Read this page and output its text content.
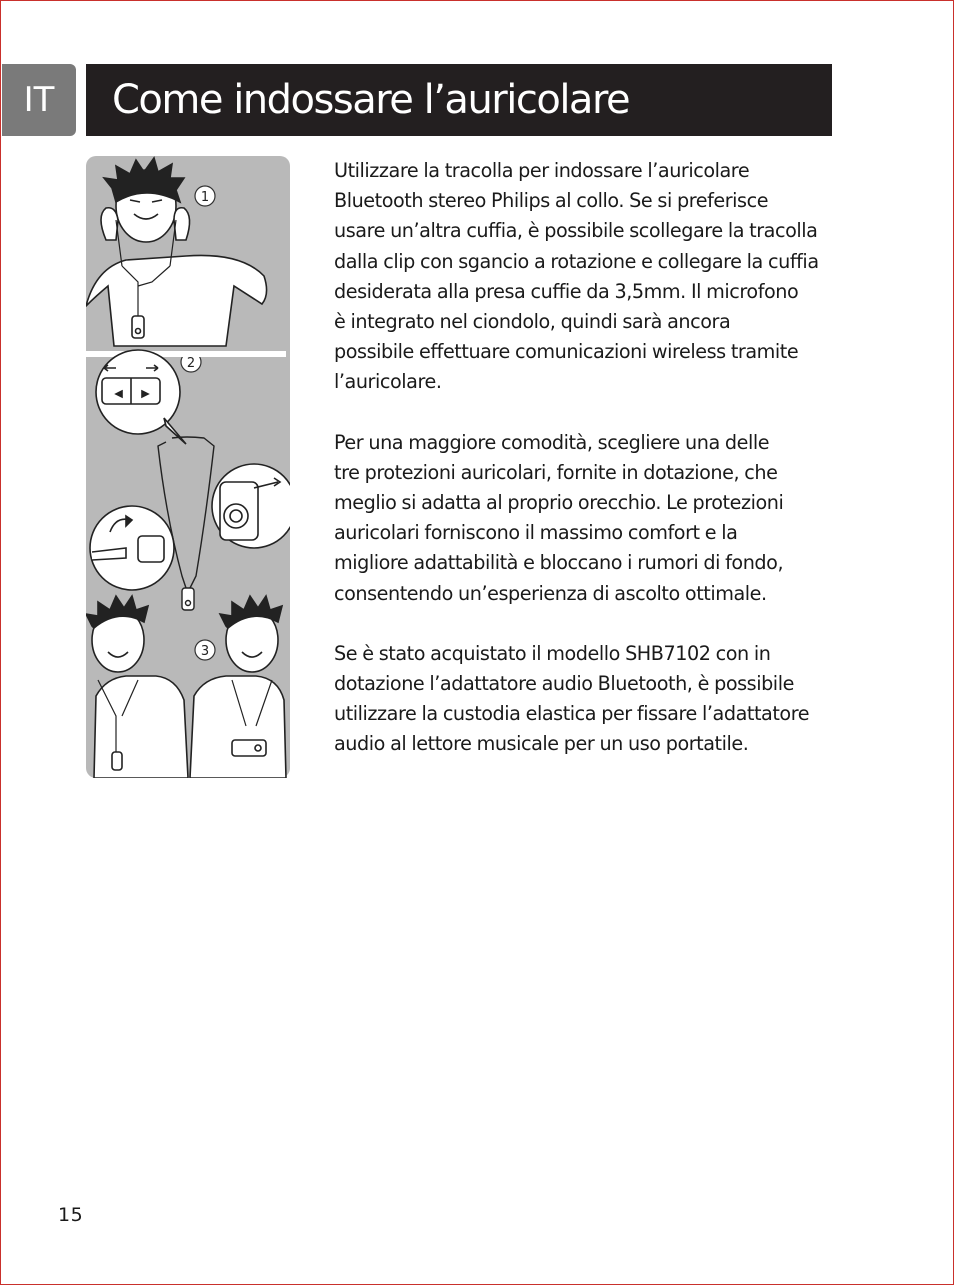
IT	Come indossare l’auricolare
1
2
3

Utilizzare la tracolla per indossare l’auricolare
Bluetooth stereo Philips al collo. Se si preferisce
usare un’altra cuffia, è possibile scollegare la tracolla
dalla clip con sgancio a rotazione e collegare la cuffia
desiderata alla presa cuffie da 3,5mm. Il microfono
è integrato nel ciondolo, quindi sarà ancora
possibile effettuare comunicazioni wireless tramite
l’auricolare.

Per una maggiore comodità, scegliere una delle
tre protezioni auricolari, fornite in dotazione, che
meglio si adatta al proprio orecchio. Le protezioni
auricolari forniscono il massimo comfort e la
migliore adattabilità e bloccano i rumori di fondo,
consentendo un’esperienza di ascolto ottimale.

Se è stato acquistato il modello SHB7102 con in
dotazione l’adattatore audio Bluetooth, è possibile
utilizzare la custodia elastica per fissare l’adattatore
audio al lettore musicale per un uso portatile.

15
